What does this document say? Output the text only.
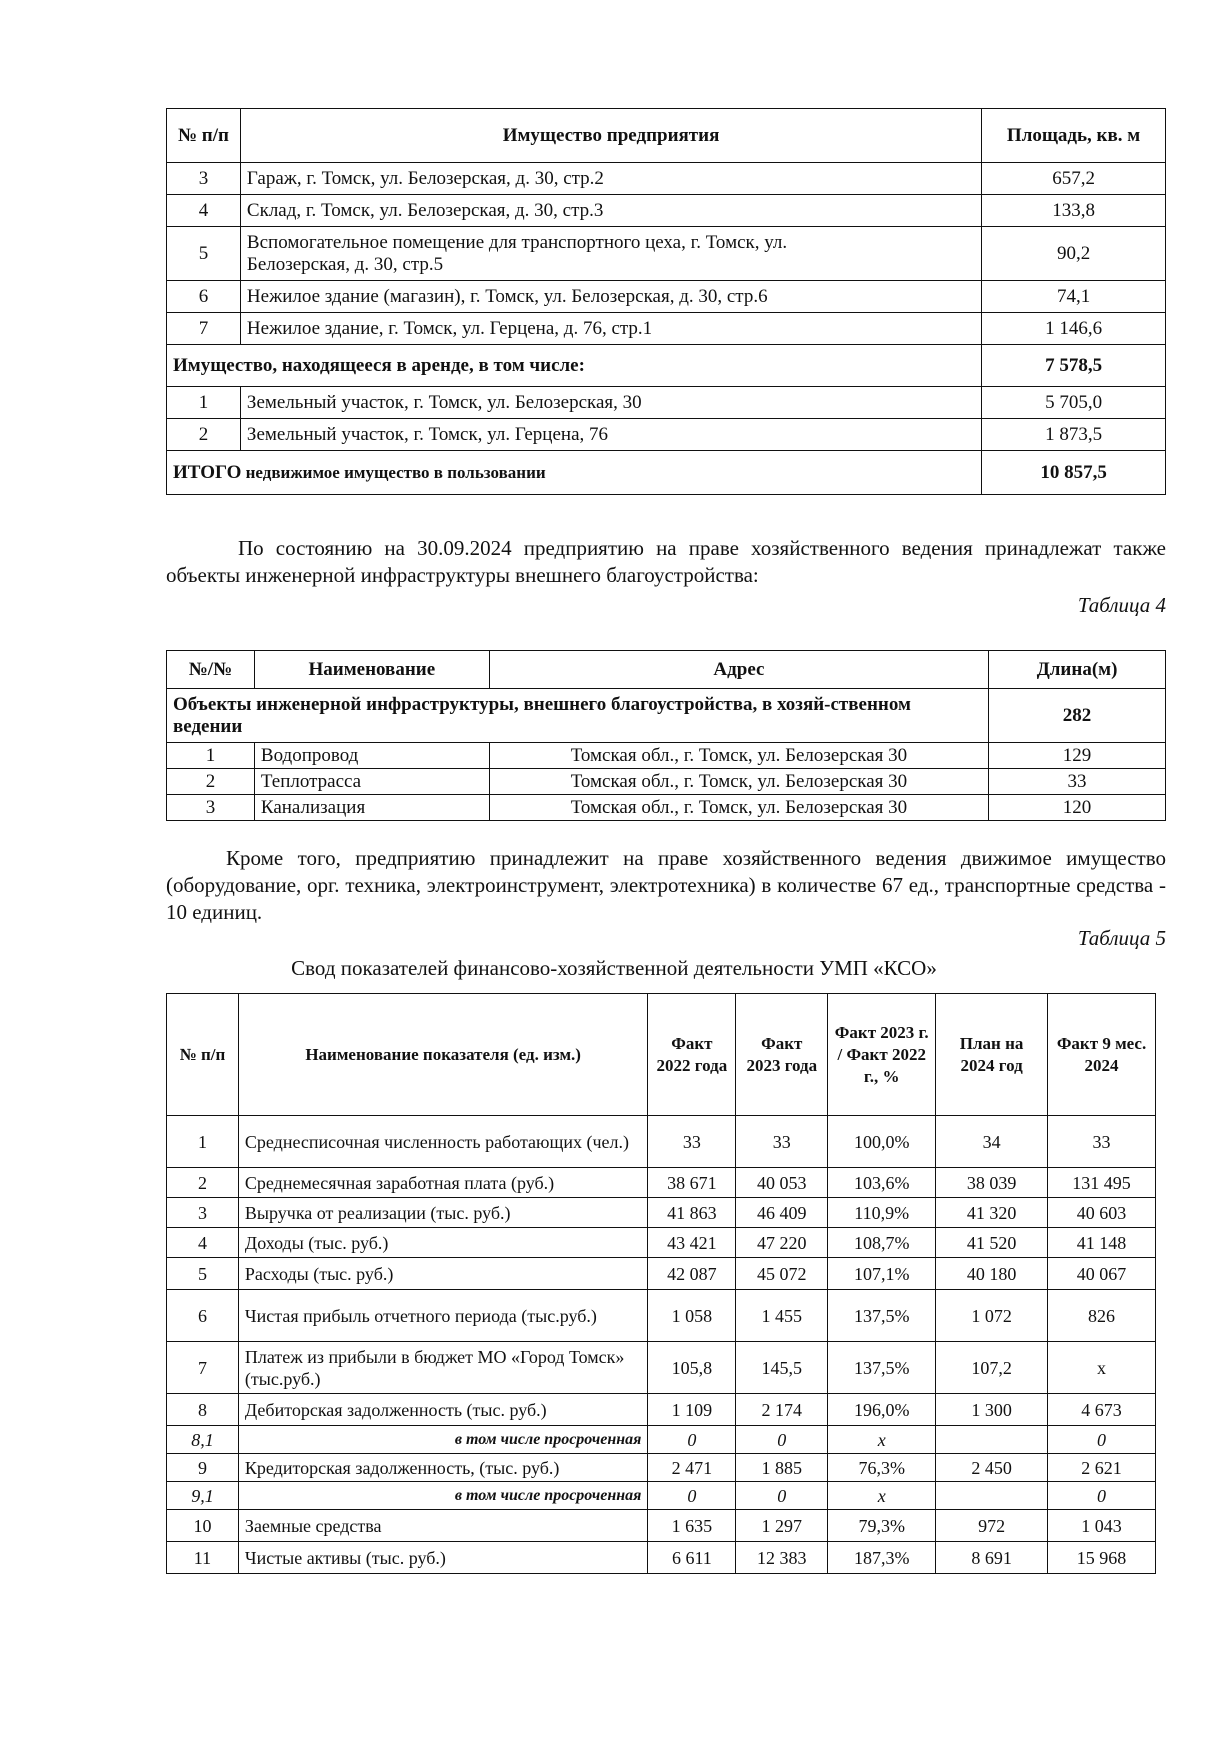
№ п/п	Имущество предприятия	Площадь, кв. м
3	Гараж, г. Томск, ул. Белозерская, д. 30, стр.2	657,2
4	Склад, г. Томск, ул. Белозерская, д. 30, стр.3	133,8
5	Вспомогательное помещение для транспортного цеха, г. Томск, ул. Белозерская, д. 30, стр.5	90,2
6	Нежилое здание (магазин), г. Томск, ул. Белозерская, д. 30, стр.6	74,1
7	Нежилое здание, г. Томск, ул. Герцена, д. 76, стр.1	1 146,6
Имущество, находящееся в аренде, в том числе:		7 578,5
1	Земельный участок, г. Томск, ул. Белозерская, 30	5 705,0
2	Земельный участок, г. Томск, ул. Герцена, 76	1 873,5
ИТОГО недвижимое имущество в пользовании		10 857,5
По состоянию на 30.09.2024 предприятию на праве хозяйственного ведения принадлежат также объекты инженерной инфраструктуры внешнего благоустройства:
Таблица 4
№/№	Наименование	Адрес	Длина(м)
Объекты инженерной инфраструктуры, внешнего благоустройства, в хозяй-ственном ведении			282
1	Водопровод	Томская обл., г. Томск, ул. Белозерская 30	129
2	Теплотрасса	Томская обл., г. Томск, ул. Белозерская 30	33
3	Канализация	Томская обл., г. Томск, ул. Белозерская 30	120
Кроме того, предприятию принадлежит на праве хозяйственного ведения движимое имущество (оборудование, орг. техника, электроинструмент, электротехника) в количестве 67 ед., транспортные средства - 10 единиц.
Таблица 5
Свод показателей финансово-хозяйственной деятельности УМП «КСО»
№ п/п	Наименование показателя (ед. изм.)	Факт 2022 года	Факт 2023 года	Факт 2023 г. / Факт 2022 г., %	План на 2024 год	Факт 9 мес. 2024
1	Среднесписочная численность работающих (чел.)	33	33	100,0%	34	33
2	Среднемесячная заработная плата (руб.)	38 671	40 053	103,6%	38 039	131 495
3	Выручка от реализации (тыс. руб.)	41 863	46 409	110,9%	41 320	40 603
4	Доходы (тыс. руб.)	43 421	47 220	108,7%	41 520	41 148
5	Расходы (тыс. руб.)	42 087	45 072	107,1%	40 180	40 067
6	Чистая прибыль отчетного периода (тыс.руб.)	1 058	1 455	137,5%	1 072	826
7	Платеж из прибыли в бюджет МО «Город Томск» (тыс.руб.)	105,8	145,5	137,5%	107,2	x
8	Дебиторская задолженность (тыс. руб.)	1 109	2 174	196,0%	1 300	4 673
8,1	в том числе просроченная	0	0	x		0
9	Кредиторская задолженность, (тыс. руб.)	2 471	1 885	76,3%	2 450	2 621
9,1	в том числе просроченная	0	0	x		0
10	Заемные средства	1 635	1 297	79,3%	972	1 043
11	Чистые активы (тыс. руб.)	6 611	12 383	187,3%	8 691	15 968
